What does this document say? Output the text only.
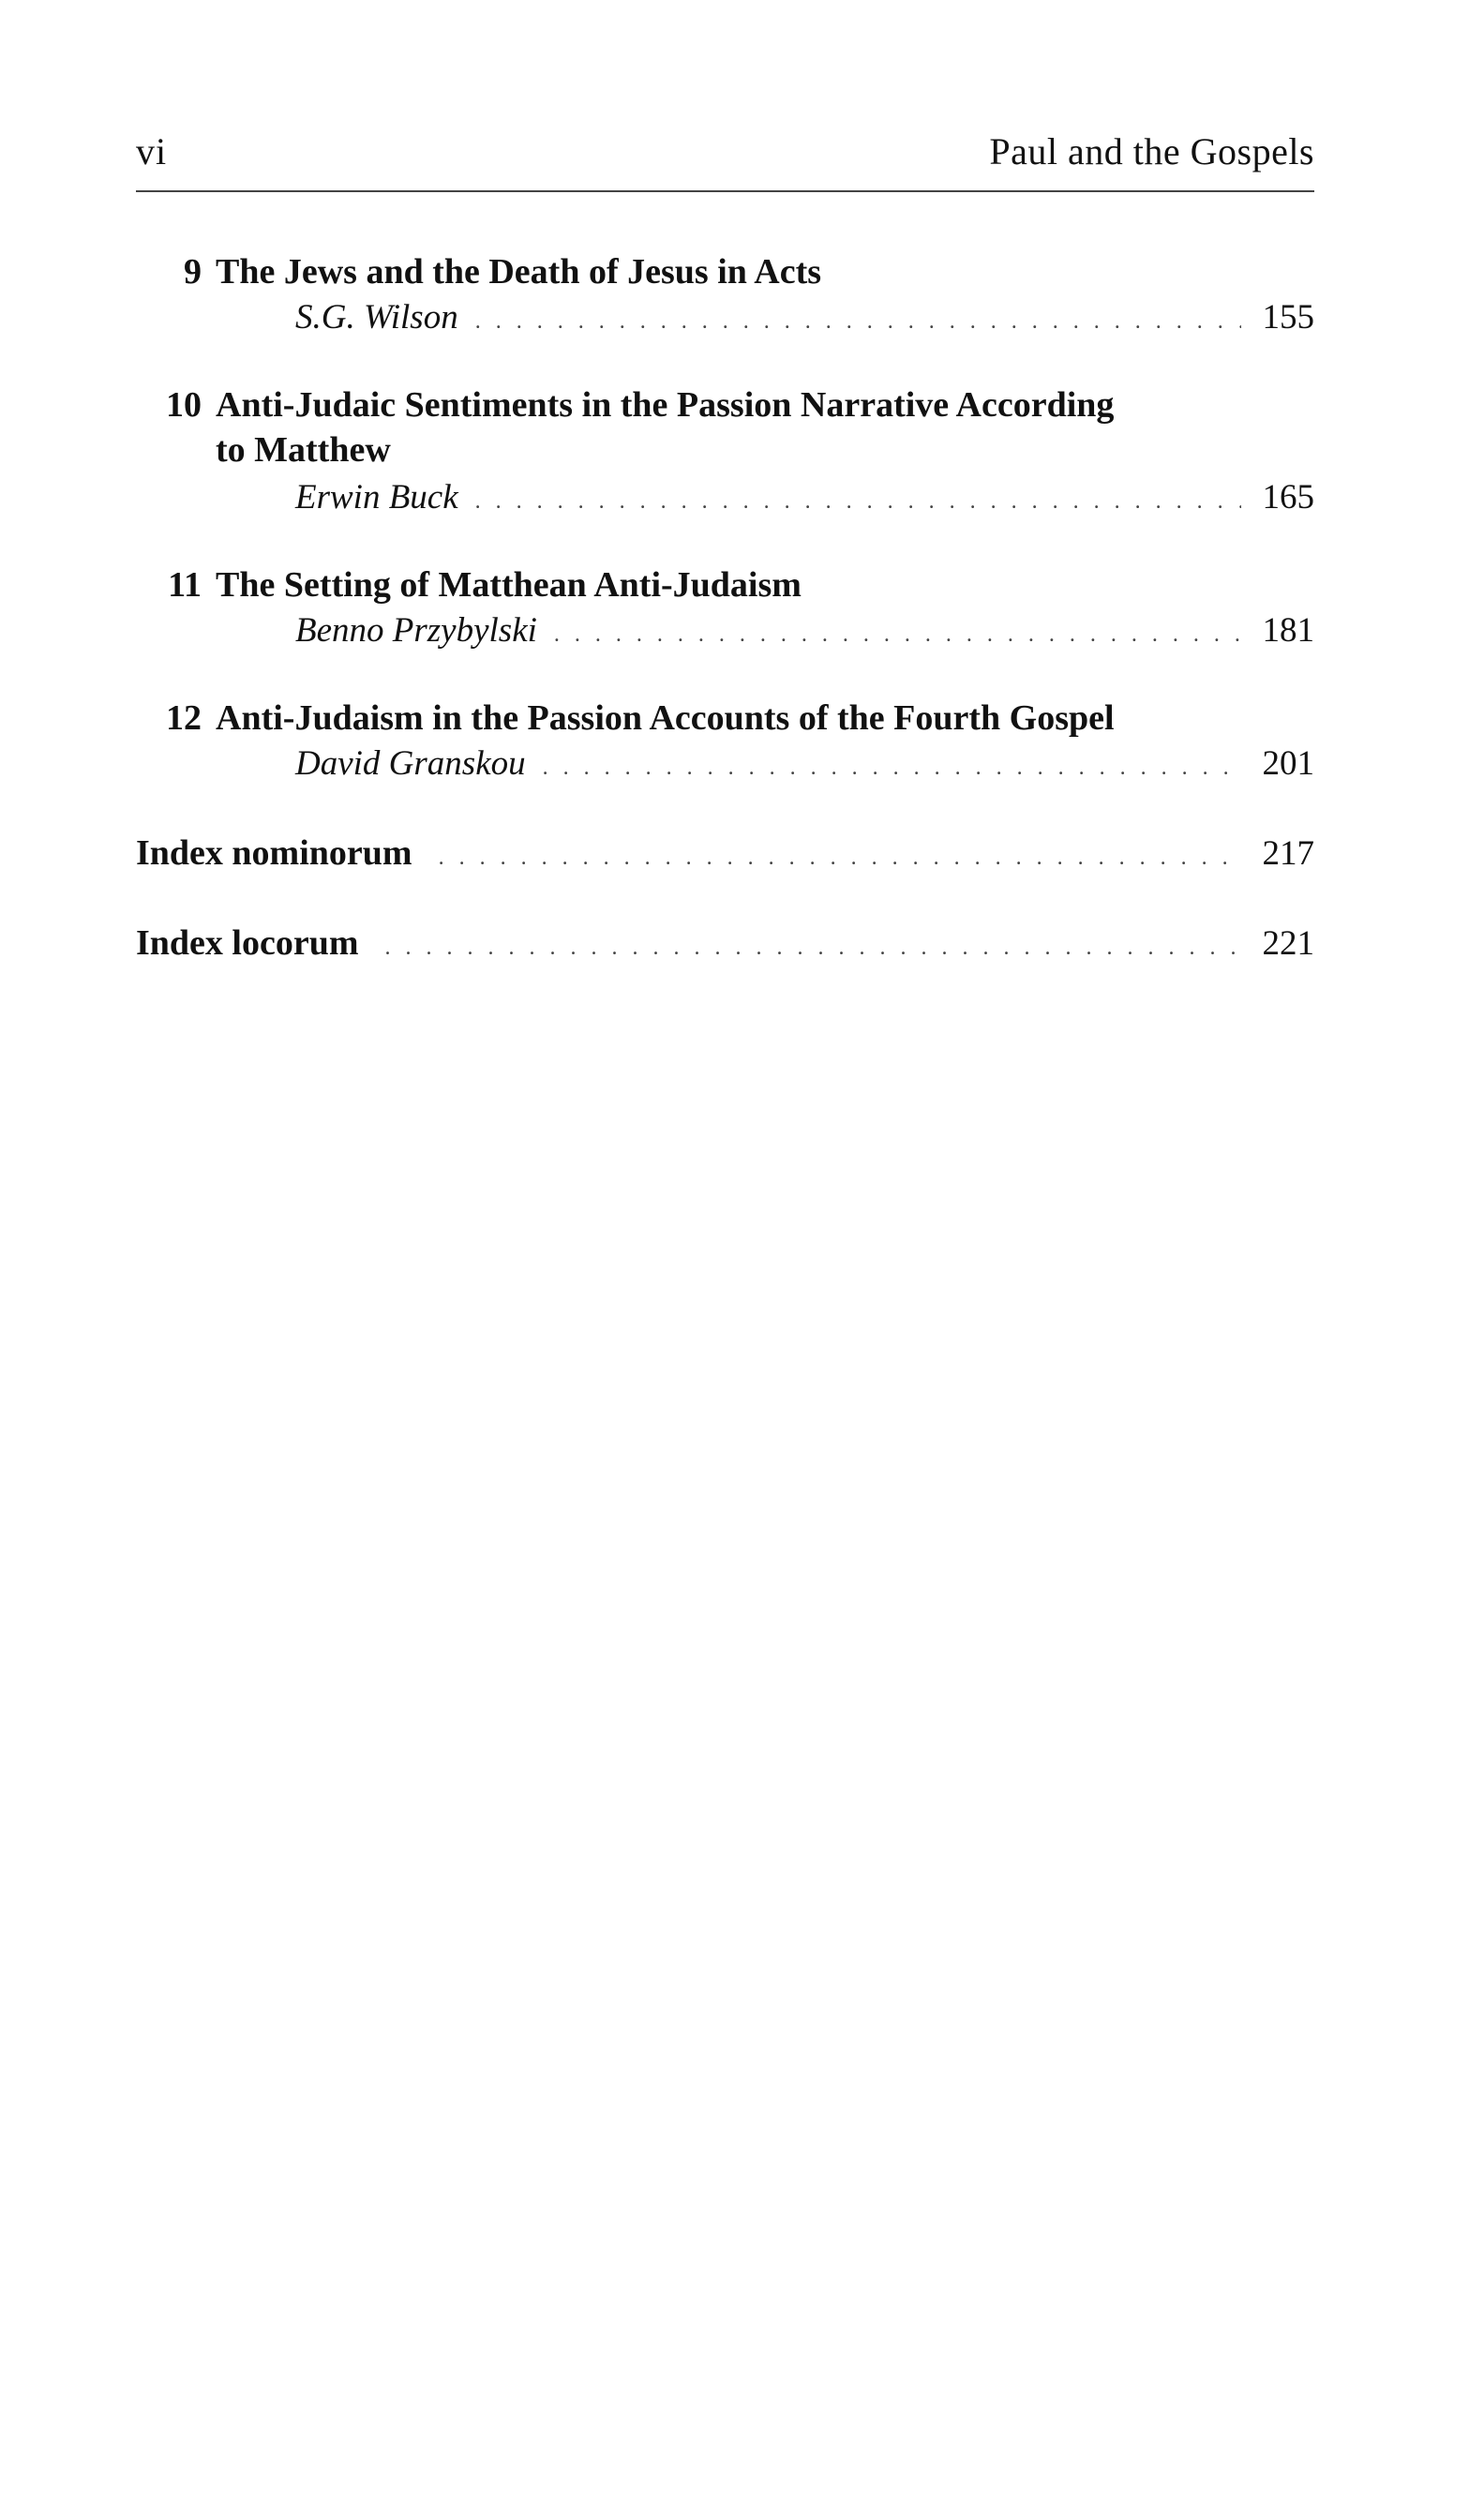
vi	Paul and the Gospels
9 The Jews and the Death of Jesus in Acts
S.G. Wilson . . .	155
10 Anti-Judaic Sentiments in the Passion Narrative According
to Matthew
Erwin Buck . . .	165
11 The Setting of Matthean Anti-Judaism
Benno Przybylski . . .	181
12 Anti-Judaism in the Passion Accounts of the Fourth Gospel
David Granskou . . .	201
Index nominorum . . .	217
Index locorum . . .	221
